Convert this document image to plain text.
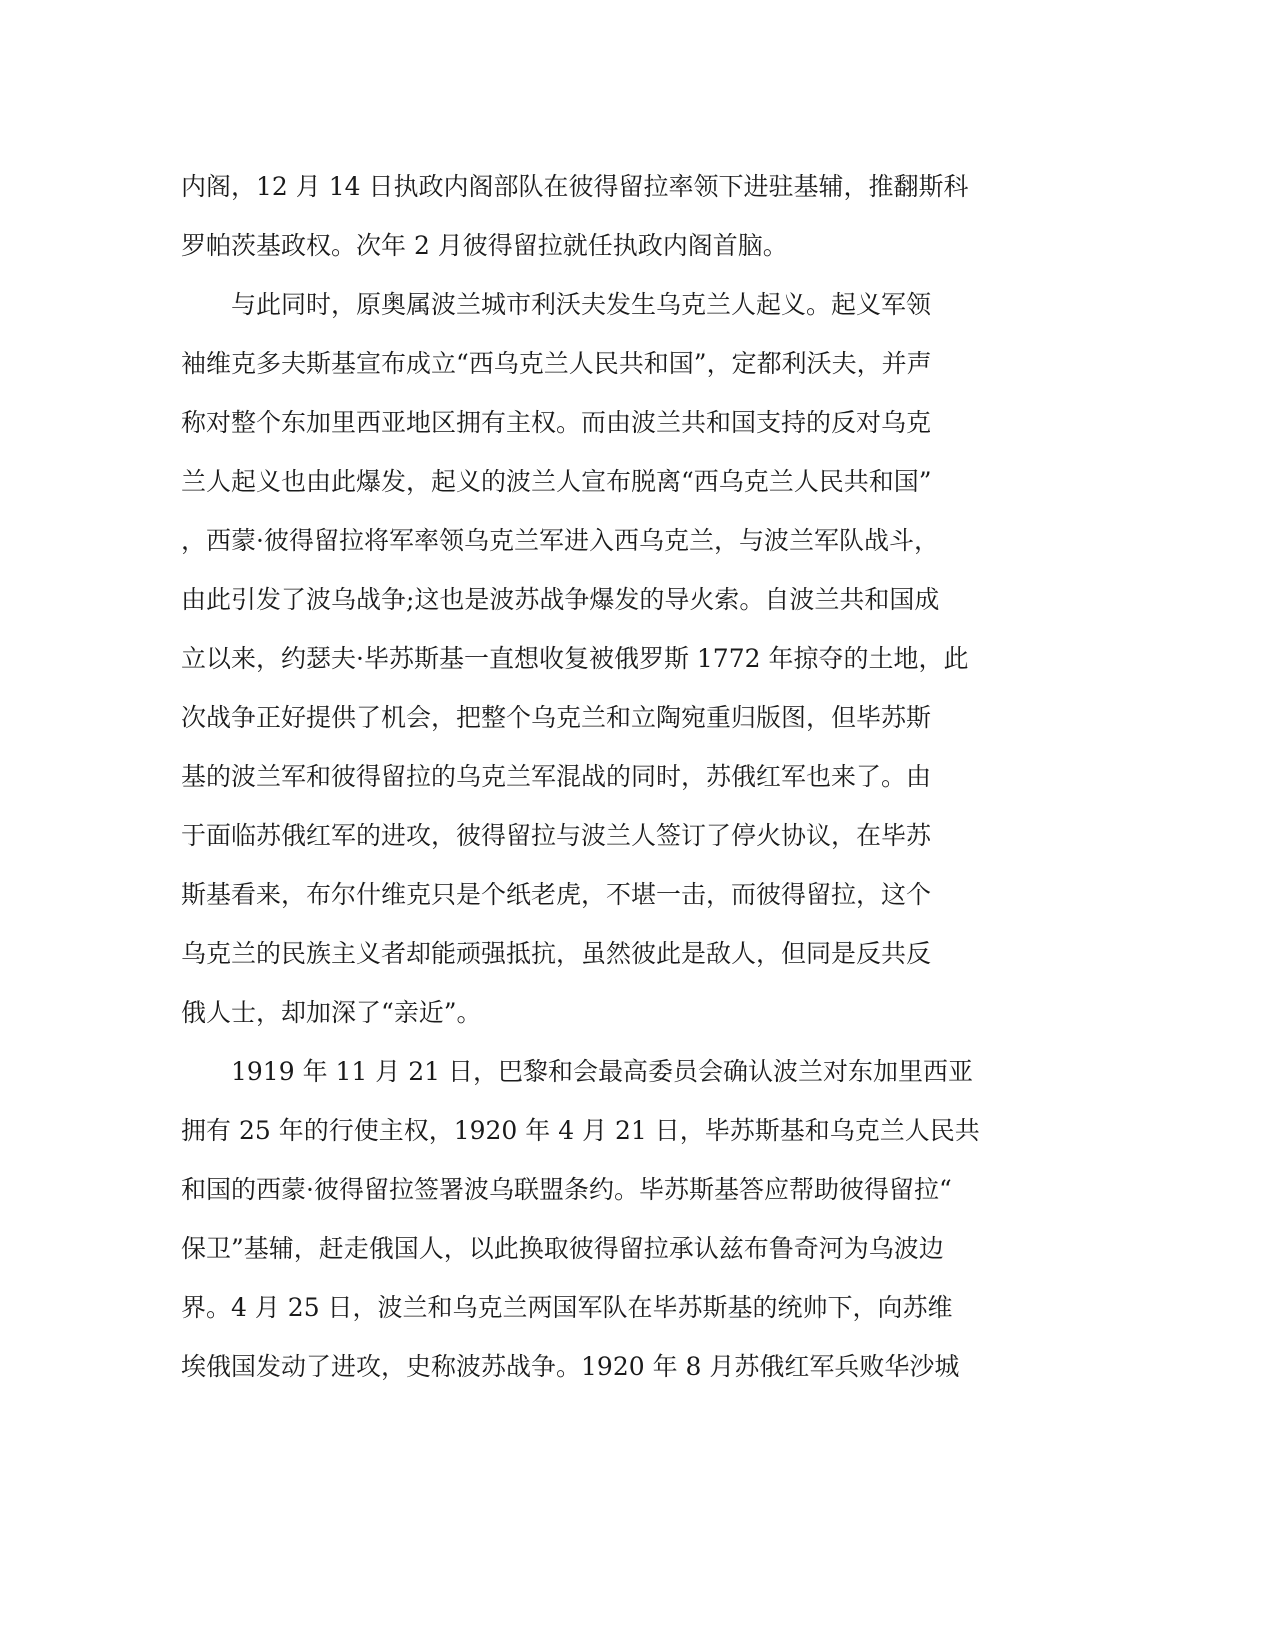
内阁，12 月 14 日执政内阁部队在彼得留拉率领下进驻基辅，推翻斯科
罗帕茨基政权。次年 2 月彼得留拉就任执政内阁首脑。
　　与此同时，原奥属波兰城市利沃夫发生乌克兰人起义。起义军领
袖维克多夫斯基宣布成立“西乌克兰人民共和国”，定都利沃夫，并声
称对整个东加里西亚地区拥有主权。而由波兰共和国支持的反对乌克
兰人起义也由此爆发，起义的波兰人宣布脱离“西乌克兰人民共和国”
，西蒙·彼得留拉将军率领乌克兰军进入西乌克兰，与波兰军队战斗，
由此引发了波乌战争;这也是波苏战争爆发的导火索。自波兰共和国成
立以来，约瑟夫·毕苏斯基一直想收复被俄罗斯 1772 年掠夺的土地，此
次战争正好提供了机会，把整个乌克兰和立陶宛重归版图，但毕苏斯
基的波兰军和彼得留拉的乌克兰军混战的同时，苏俄红军也来了。由
于面临苏俄红军的进攻，彼得留拉与波兰人签订了停火协议，在毕苏
斯基看来，布尔什维克只是个纸老虎，不堪一击，而彼得留拉，这个
乌克兰的民族主义者却能顽强抵抗，虽然彼此是敌人，但同是反共反
俄人士，却加深了“亲近”。
　　1919 年 11 月 21 日，巴黎和会最高委员会确认波兰对东加里西亚
拥有 25 年的行使主权，1920 年 4 月 21 日，毕苏斯基和乌克兰人民共
和国的西蒙·彼得留拉签署波乌联盟条约。毕苏斯基答应帮助彼得留拉“
保卫”基辅，赶走俄国人，以此换取彼得留拉承认兹布鲁奇河为乌波边
界。4 月 25 日，波兰和乌克兰两国军队在毕苏斯基的统帅下，向苏维
埃俄国发动了进攻，史称波苏战争。1920 年 8 月苏俄红军兵败华沙城
